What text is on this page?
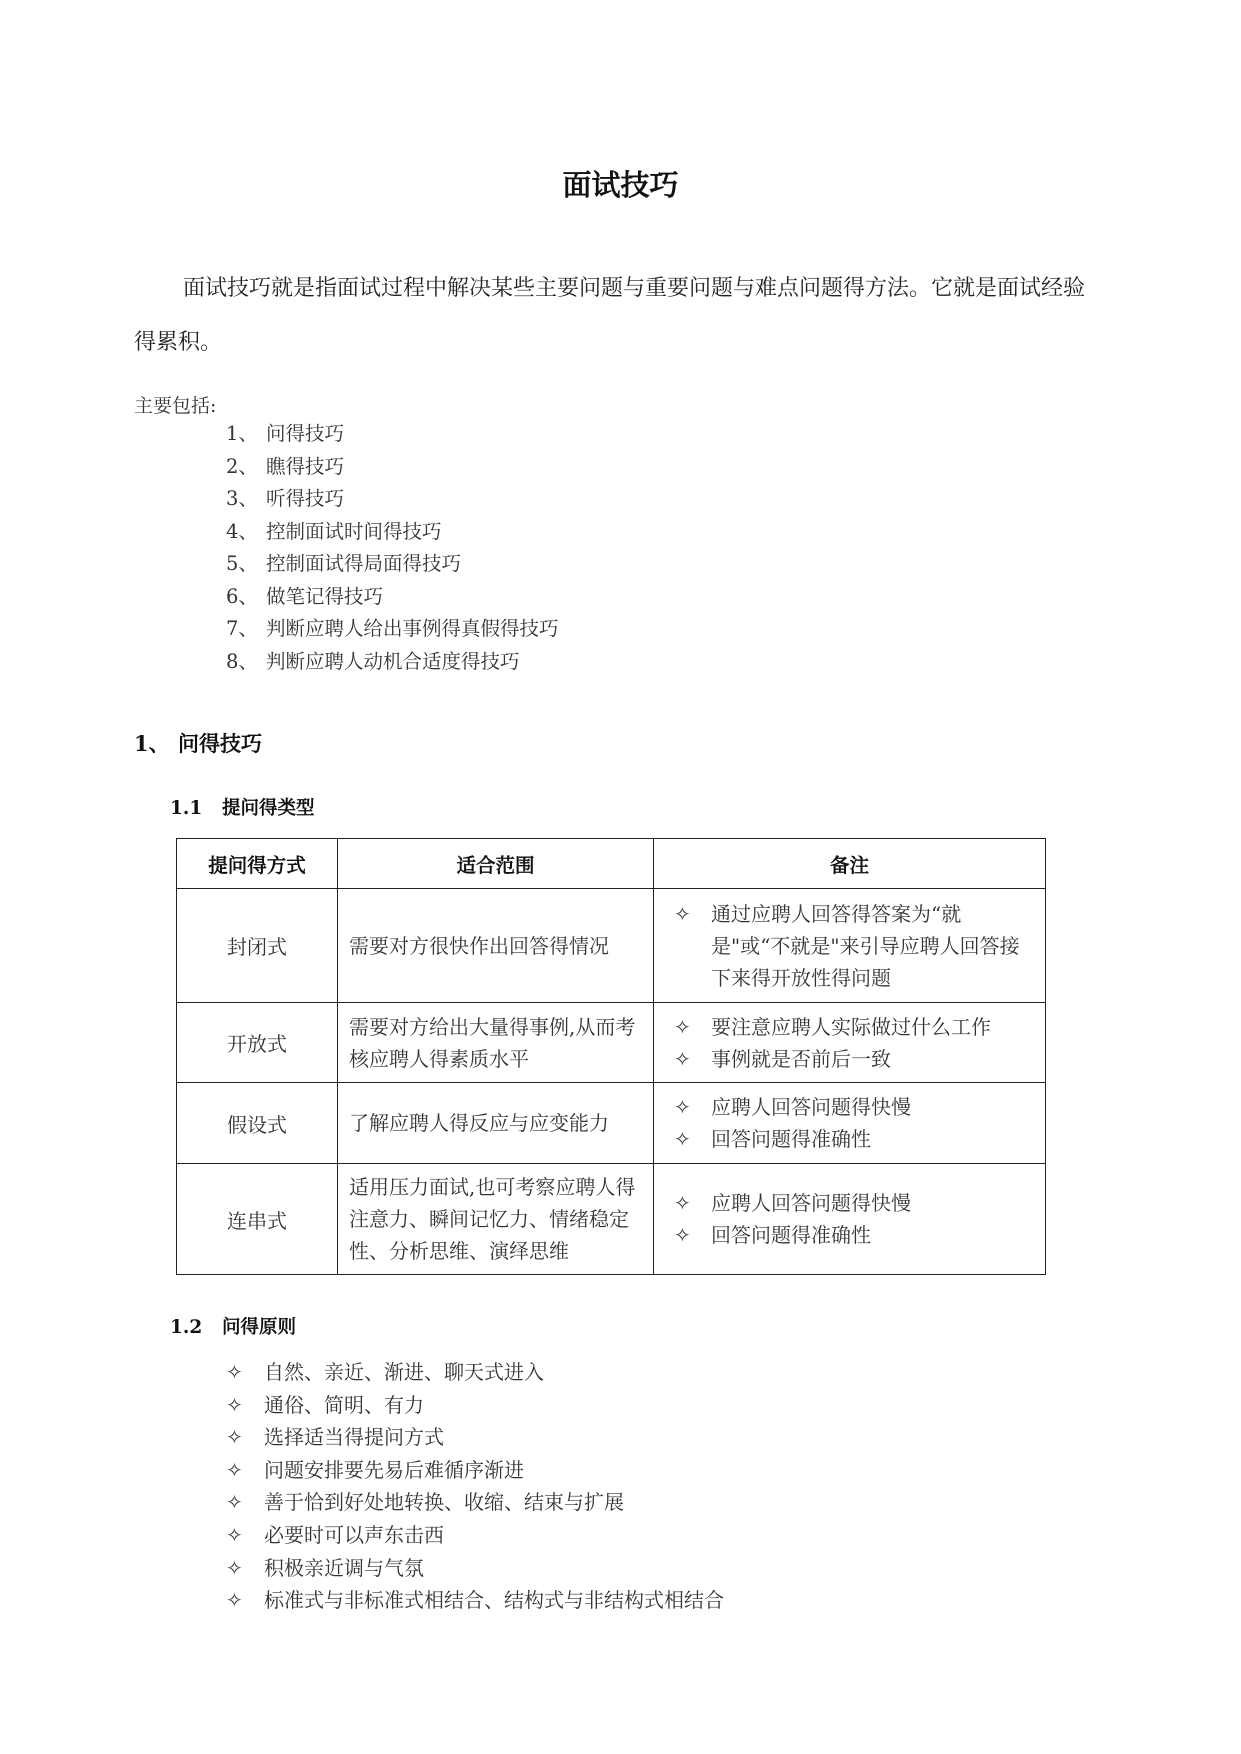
面试技巧
面试技巧就是指面试过程中解决某些主要问题与重要问题与难点问题得方法。它就是面试经验得累积。
主要包括:
1、 问得技巧
2、 瞧得技巧
3、 听得技巧
4、 控制面试时间得技巧
5、 控制面试得局面得技巧
6、 做笔记得技巧
7、 判断应聘人给出事例得真假得技巧
8、 判断应聘人动机合适度得技巧
1、 问得技巧
1.1 提问得类型
提问得方式	适合范围	备注
封闭式	需要对方很快作出回答得情况	✧ 通过应聘人回答得答案为“就是"或“不就是"来引导应聘人回答接下来得开放性得问题

开放式	需要对方给出大量得事例,从而考核应聘人得素质水平	✧ 要注意应聘人实际做过什么工作
✧ 事例就是否前后一致

假设式	了解应聘人得反应与应变能力	✧ 应聘人回答问题得快慢
✧ 回答问题得准确性

连串式	适用压力面试,也可考察应聘人得注意力、瞬间记忆力、情绪稳定性、分析思维、演绎思维	✧ 应聘人回答问题得快慢
✧ 回答问题得准确性
1.2 问得原则
✧ 自然、亲近、渐进、聊天式进入
✧ 通俗、简明、有力
✧ 选择适当得提问方式
✧ 问题安排要先易后难循序渐进
✧ 善于恰到好处地转换、收缩、结束与扩展
✧ 必要时可以声东击西
✧ 积极亲近调与气氛
✧ 标准式与非标准式相结合、结构式与非结构式相结合
